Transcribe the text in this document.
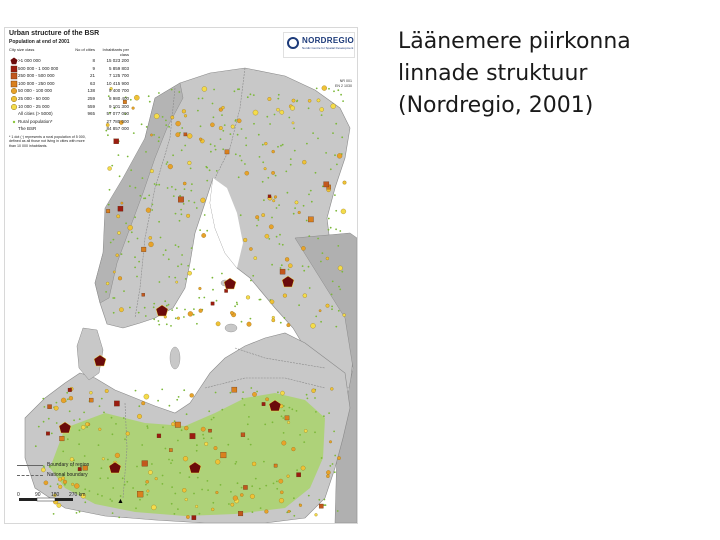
Urban structure of the BSR
Population at end of 2001
City size class	No of cities	Inhabitants per class
>1 000 000	8	15 023 200
500 000 - 1 000 000	9	5 859 803
250 000 - 500 000	21	7 125 700
100 000 - 250 000	63	10 415 900
50 000 - 100 000	138	9 400 700
25 000 - 50 000	259	8 980 400
10 000 - 25 000	559	9 101 300
All cities (> 5000)	965	57 077 000
Rural population*	27 780 000
The BSR	84 857 000
* 1 dot (·) represents a rural population of 5 000, defined as all those not living in cities with more than 10 000 inhabitants.
NORDREGIO
Nordic Centre for Spatial Development
NR 001
EN 2 1030
Boundary of region
National boundary
0	90 180 270 km
▲
Läänemere piirkonna
linnade struktuur
(Nordregio, 2001)
